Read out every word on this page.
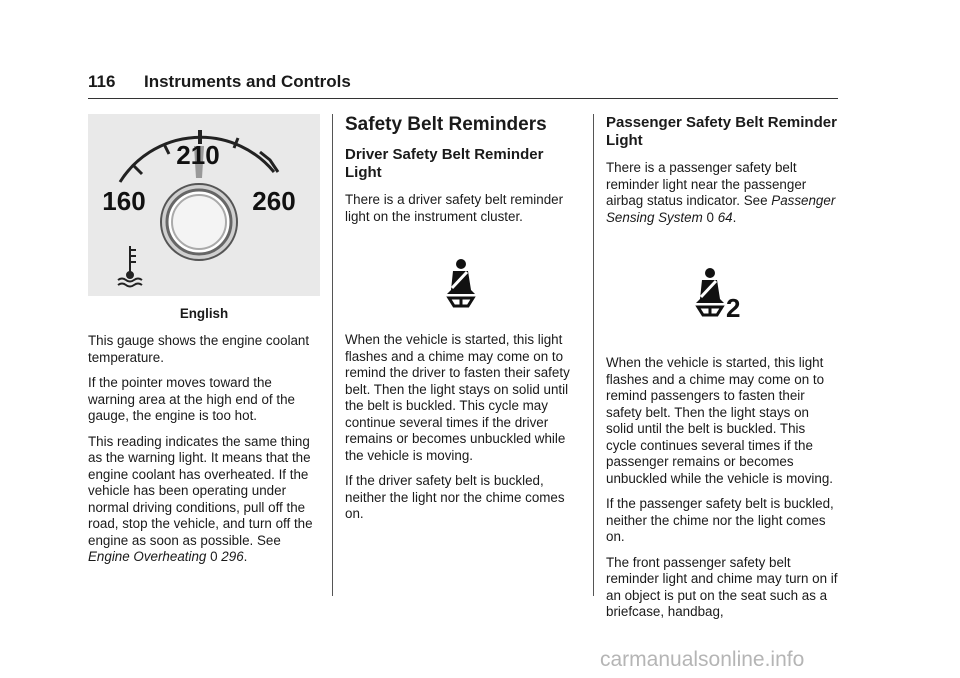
116	Instruments and Controls
210
160	260
English

This gauge shows the engine coolant temperature.

If the pointer moves toward the warning area at the high end of the gauge, the engine is too hot.

This reading indicates the same thing as the warning light. It means that the engine coolant has overheated. If the vehicle has been operating under normal driving conditions, pull off the road, stop the vehicle, and turn off the engine as soon as possible. See Engine Overheating 0 296.

Safety Belt Reminders
Driver Safety Belt Reminder Light

There is a driver safety belt reminder light on the instrument cluster.

When the vehicle is started, this light flashes and a chime may come on to remind the driver to fasten their safety belt. Then the light stays on solid until the belt is buckled. This cycle may continue several times if the driver remains or becomes unbuckled while the vehicle is moving.

If the driver safety belt is buckled, neither the light nor the chime comes on.

Passenger Safety Belt Reminder Light

There is a passenger safety belt reminder light near the passenger airbag status indicator. See Passenger Sensing System 0 64.

2

When the vehicle is started, this light flashes and a chime may come on to remind passengers to fasten their safety belt. Then the light stays on solid until the belt is buckled. This cycle continues several times if the passenger remains or becomes unbuckled while the vehicle is moving.

If the passenger safety belt is buckled, neither the chime nor the light comes on.

The front passenger safety belt reminder light and chime may turn on if an object is put on the seat such as a briefcase, handbag,

carmanualsonline.info
